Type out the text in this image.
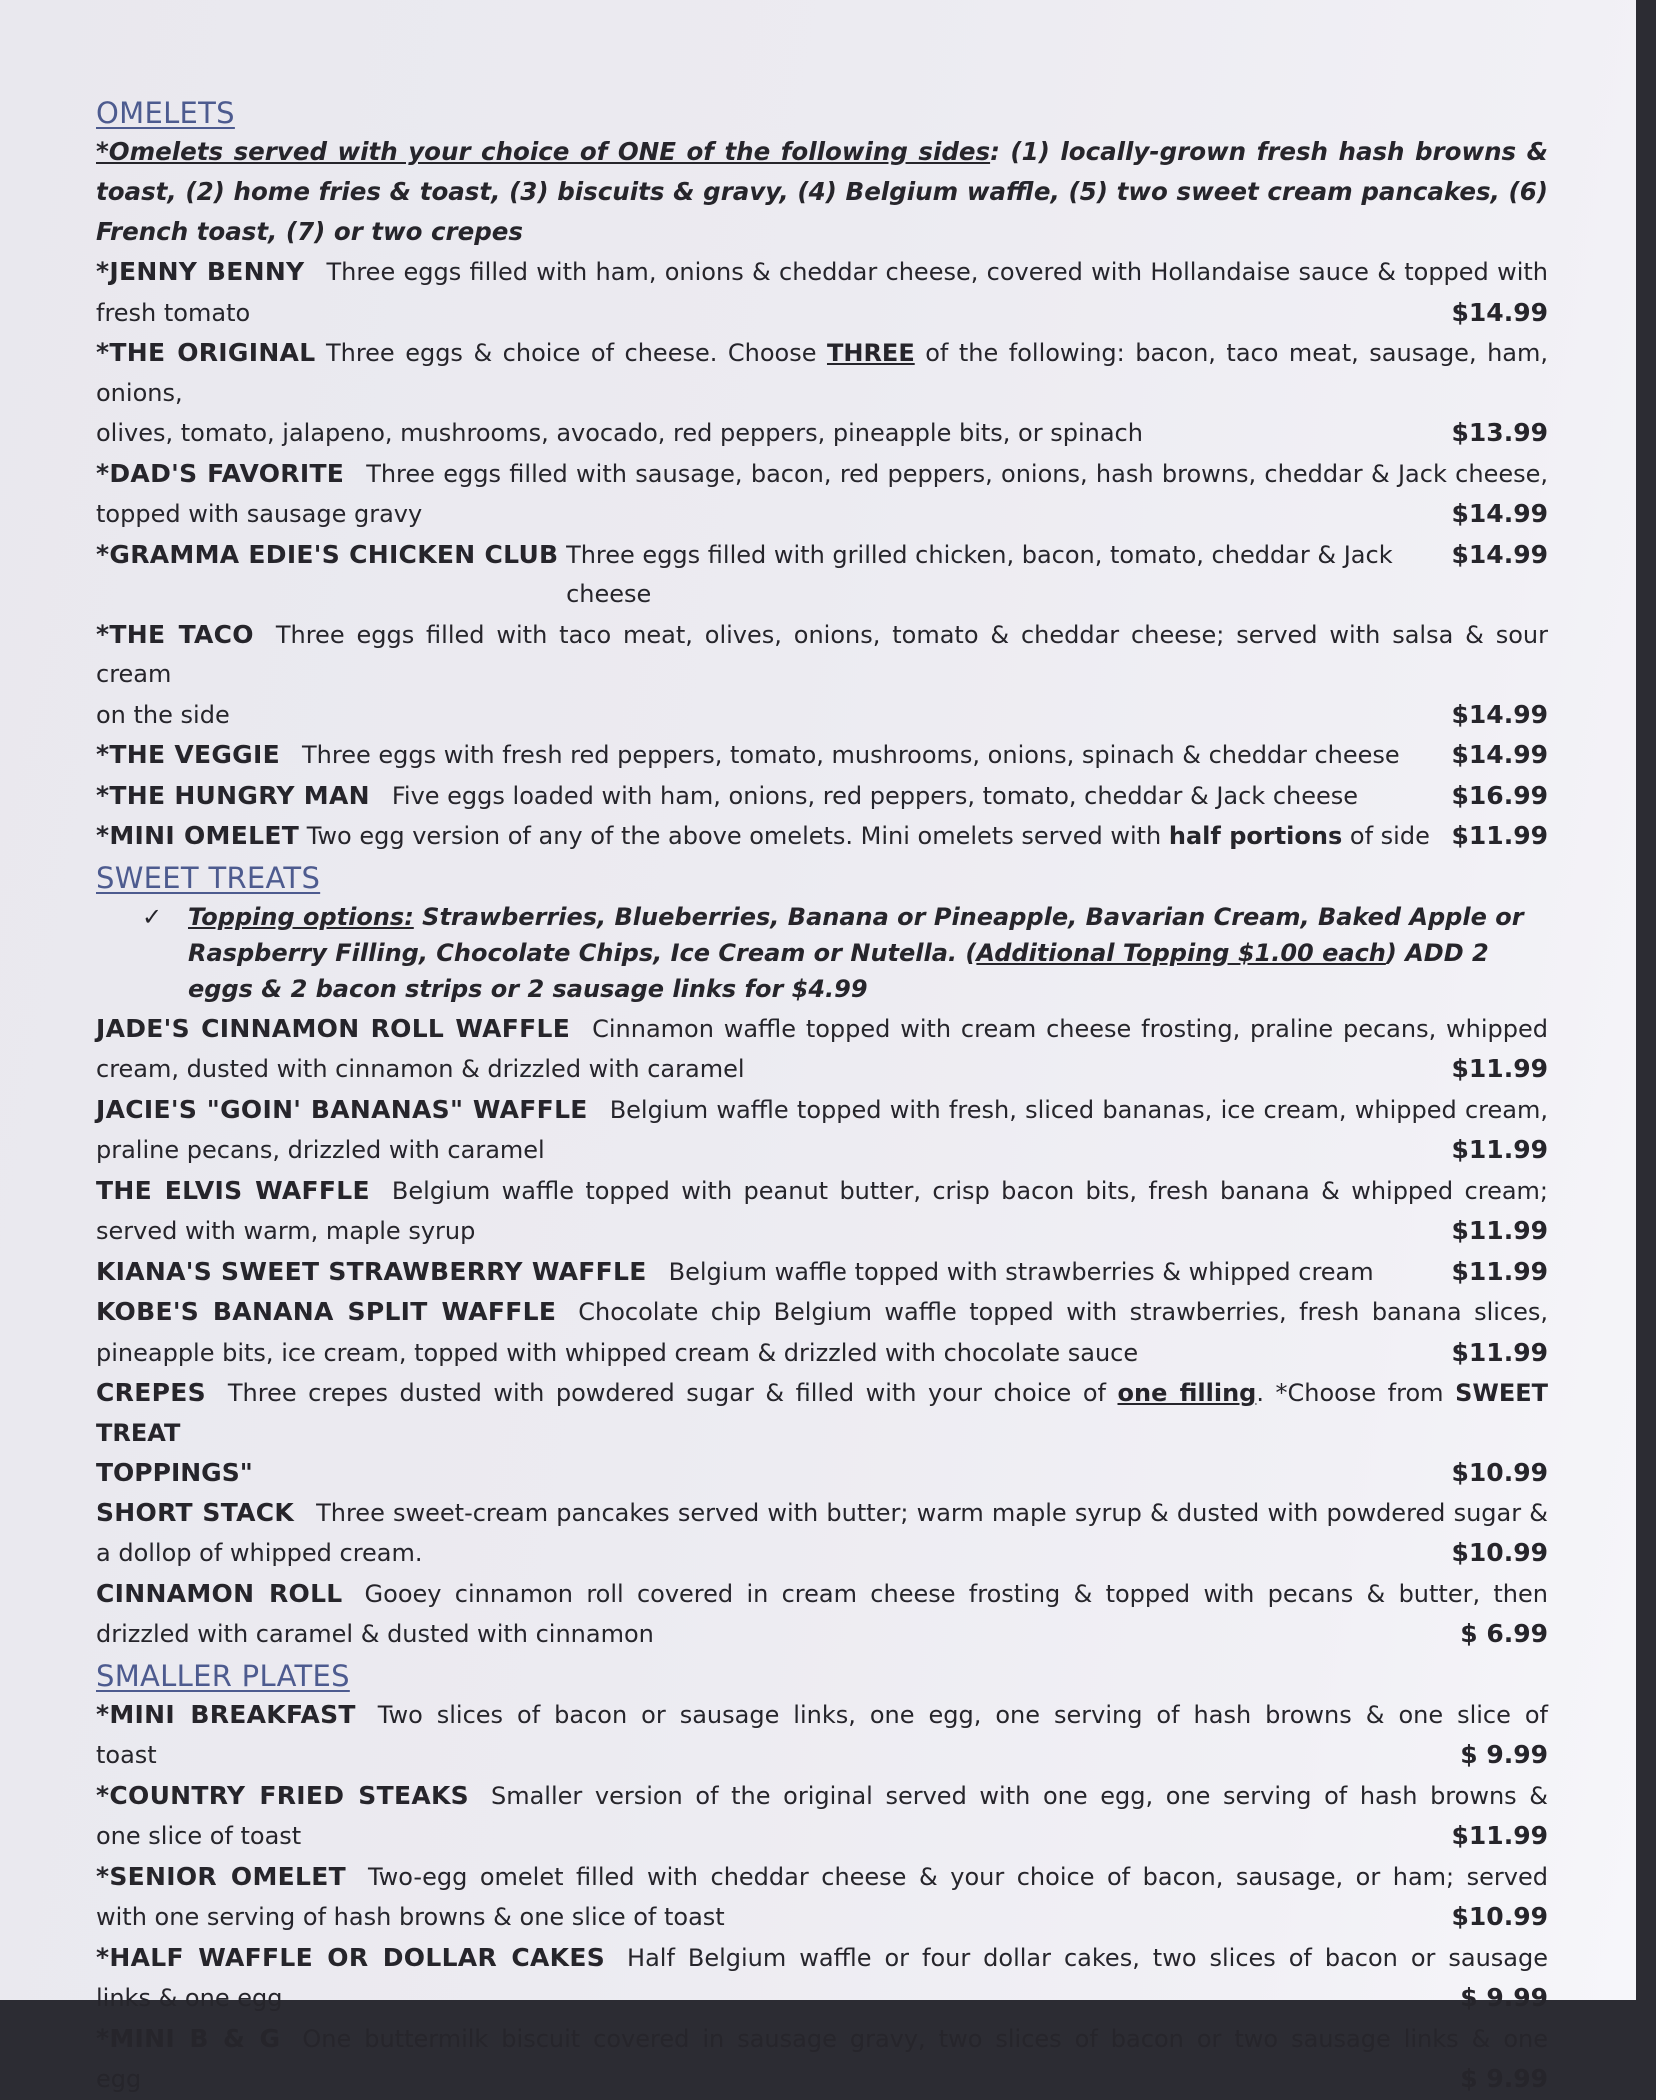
OMELETS
*Omelets served with your choice of ONE of the following sides: (1) locally-grown fresh hash browns & toast, (2) home fries & toast, (3) biscuits & gravy, (4) Belgium waffle, (5) two sweet cream pancakes, (6) French toast, (7) or two crepes
*JENNY BENNY Three eggs filled with ham, onions & cheddar cheese, covered with Hollandaise sauce & topped with
fresh tomato	$14.99
*THE ORIGINAL Three eggs & choice of cheese. Choose THREE of the following: bacon, taco meat, sausage, ham, onions,
olives, tomato, jalapeno, mushrooms, avocado, red peppers, pineapple bits, or spinach	$13.99
*DAD'S FAVORITE Three eggs filled with sausage, bacon, red peppers, onions, hash browns, cheddar & Jack cheese,
topped with sausage gravy	$14.99
*GRAMMA EDIE'S CHICKEN CLUB
Three eggs filled with grilled chicken, bacon, tomato, cheddar & Jack cheese
$14.99
*THE TACO Three eggs filled with taco meat, olives, onions, tomato & cheddar cheese; served with salsa & sour cream
on the side	$14.99
*THE VEGGIE Three eggs with fresh red peppers, tomato, mushrooms, onions, spinach & cheddar cheese	$14.99
*THE HUNGRY MAN Five eggs loaded with ham, onions, red peppers, tomato, cheddar & Jack cheese	$16.99
*MINI OMELET
Two egg version of any of the above omelets. Mini omelets served with half portions of side $11.99
SWEET TREATS
✓	Topping options: Strawberries, Blueberries, Banana or Pineapple, Bavarian Cream, Baked Apple or Raspberry Filling, Chocolate Chips, Ice Cream or Nutella. (Additional Topping $1.00 each) ADD 2 eggs & 2 bacon strips or 2 sausage links for $4.99
JADE'S CINNAMON ROLL WAFFLE Cinnamon waffle topped with cream cheese frosting, praline pecans, whipped
cream, dusted with cinnamon & drizzled with caramel	$11.99
JACIE'S "GOIN' BANANAS" WAFFLE Belgium waffle topped with fresh, sliced bananas, ice cream, whipped cream,
praline pecans, drizzled with caramel	$11.99
THE ELVIS WAFFLE Belgium waffle topped with peanut butter, crisp bacon bits, fresh banana & whipped cream;
served with warm, maple syrup	$11.99
KIANA'S SWEET STRAWBERRY WAFFLE Belgium waffle topped with strawberries & whipped cream	$11.99
KOBE'S BANANA SPLIT WAFFLE Chocolate chip Belgium waffle topped with strawberries, fresh banana slices,
pineapple bits, ice cream, topped with whipped cream & drizzled with chocolate sauce	$11.99
CREPES Three crepes dusted with powdered sugar & filled with your choice of one filling. *Choose from SWEET TREAT
TOPPINGS"	$10.99
SHORT STACK Three sweet-cream pancakes served with butter; warm maple syrup & dusted with powdered sugar &
a dollop of whipped cream.	$10.99
CINNAMON ROLL Gooey cinnamon roll covered in cream cheese frosting & topped with pecans & butter, then
drizzled with caramel & dusted with cinnamon	$ 6.99
SMALLER PLATES
*MINI BREAKFAST Two slices of bacon or sausage links, one egg, one serving of hash browns & one slice of
toast	$ 9.99
*COUNTRY FRIED STEAKS Smaller version of the original served with one egg, one serving of hash browns &
one slice of toast	$11.99
*SENIOR OMELET Two-egg omelet filled with cheddar cheese & your choice of bacon, sausage, or ham; served
with one serving of hash browns & one slice of toast	$10.99
*HALF WAFFLE OR DOLLAR CAKES Half Belgium waffle or four dollar cakes, two slices of bacon or sausage
links & one egg	$ 9.99
*MINI B & G One buttermilk biscuit covered in sausage gravy, two slices of bacon or two sausage links & one
egg	$ 9.99
